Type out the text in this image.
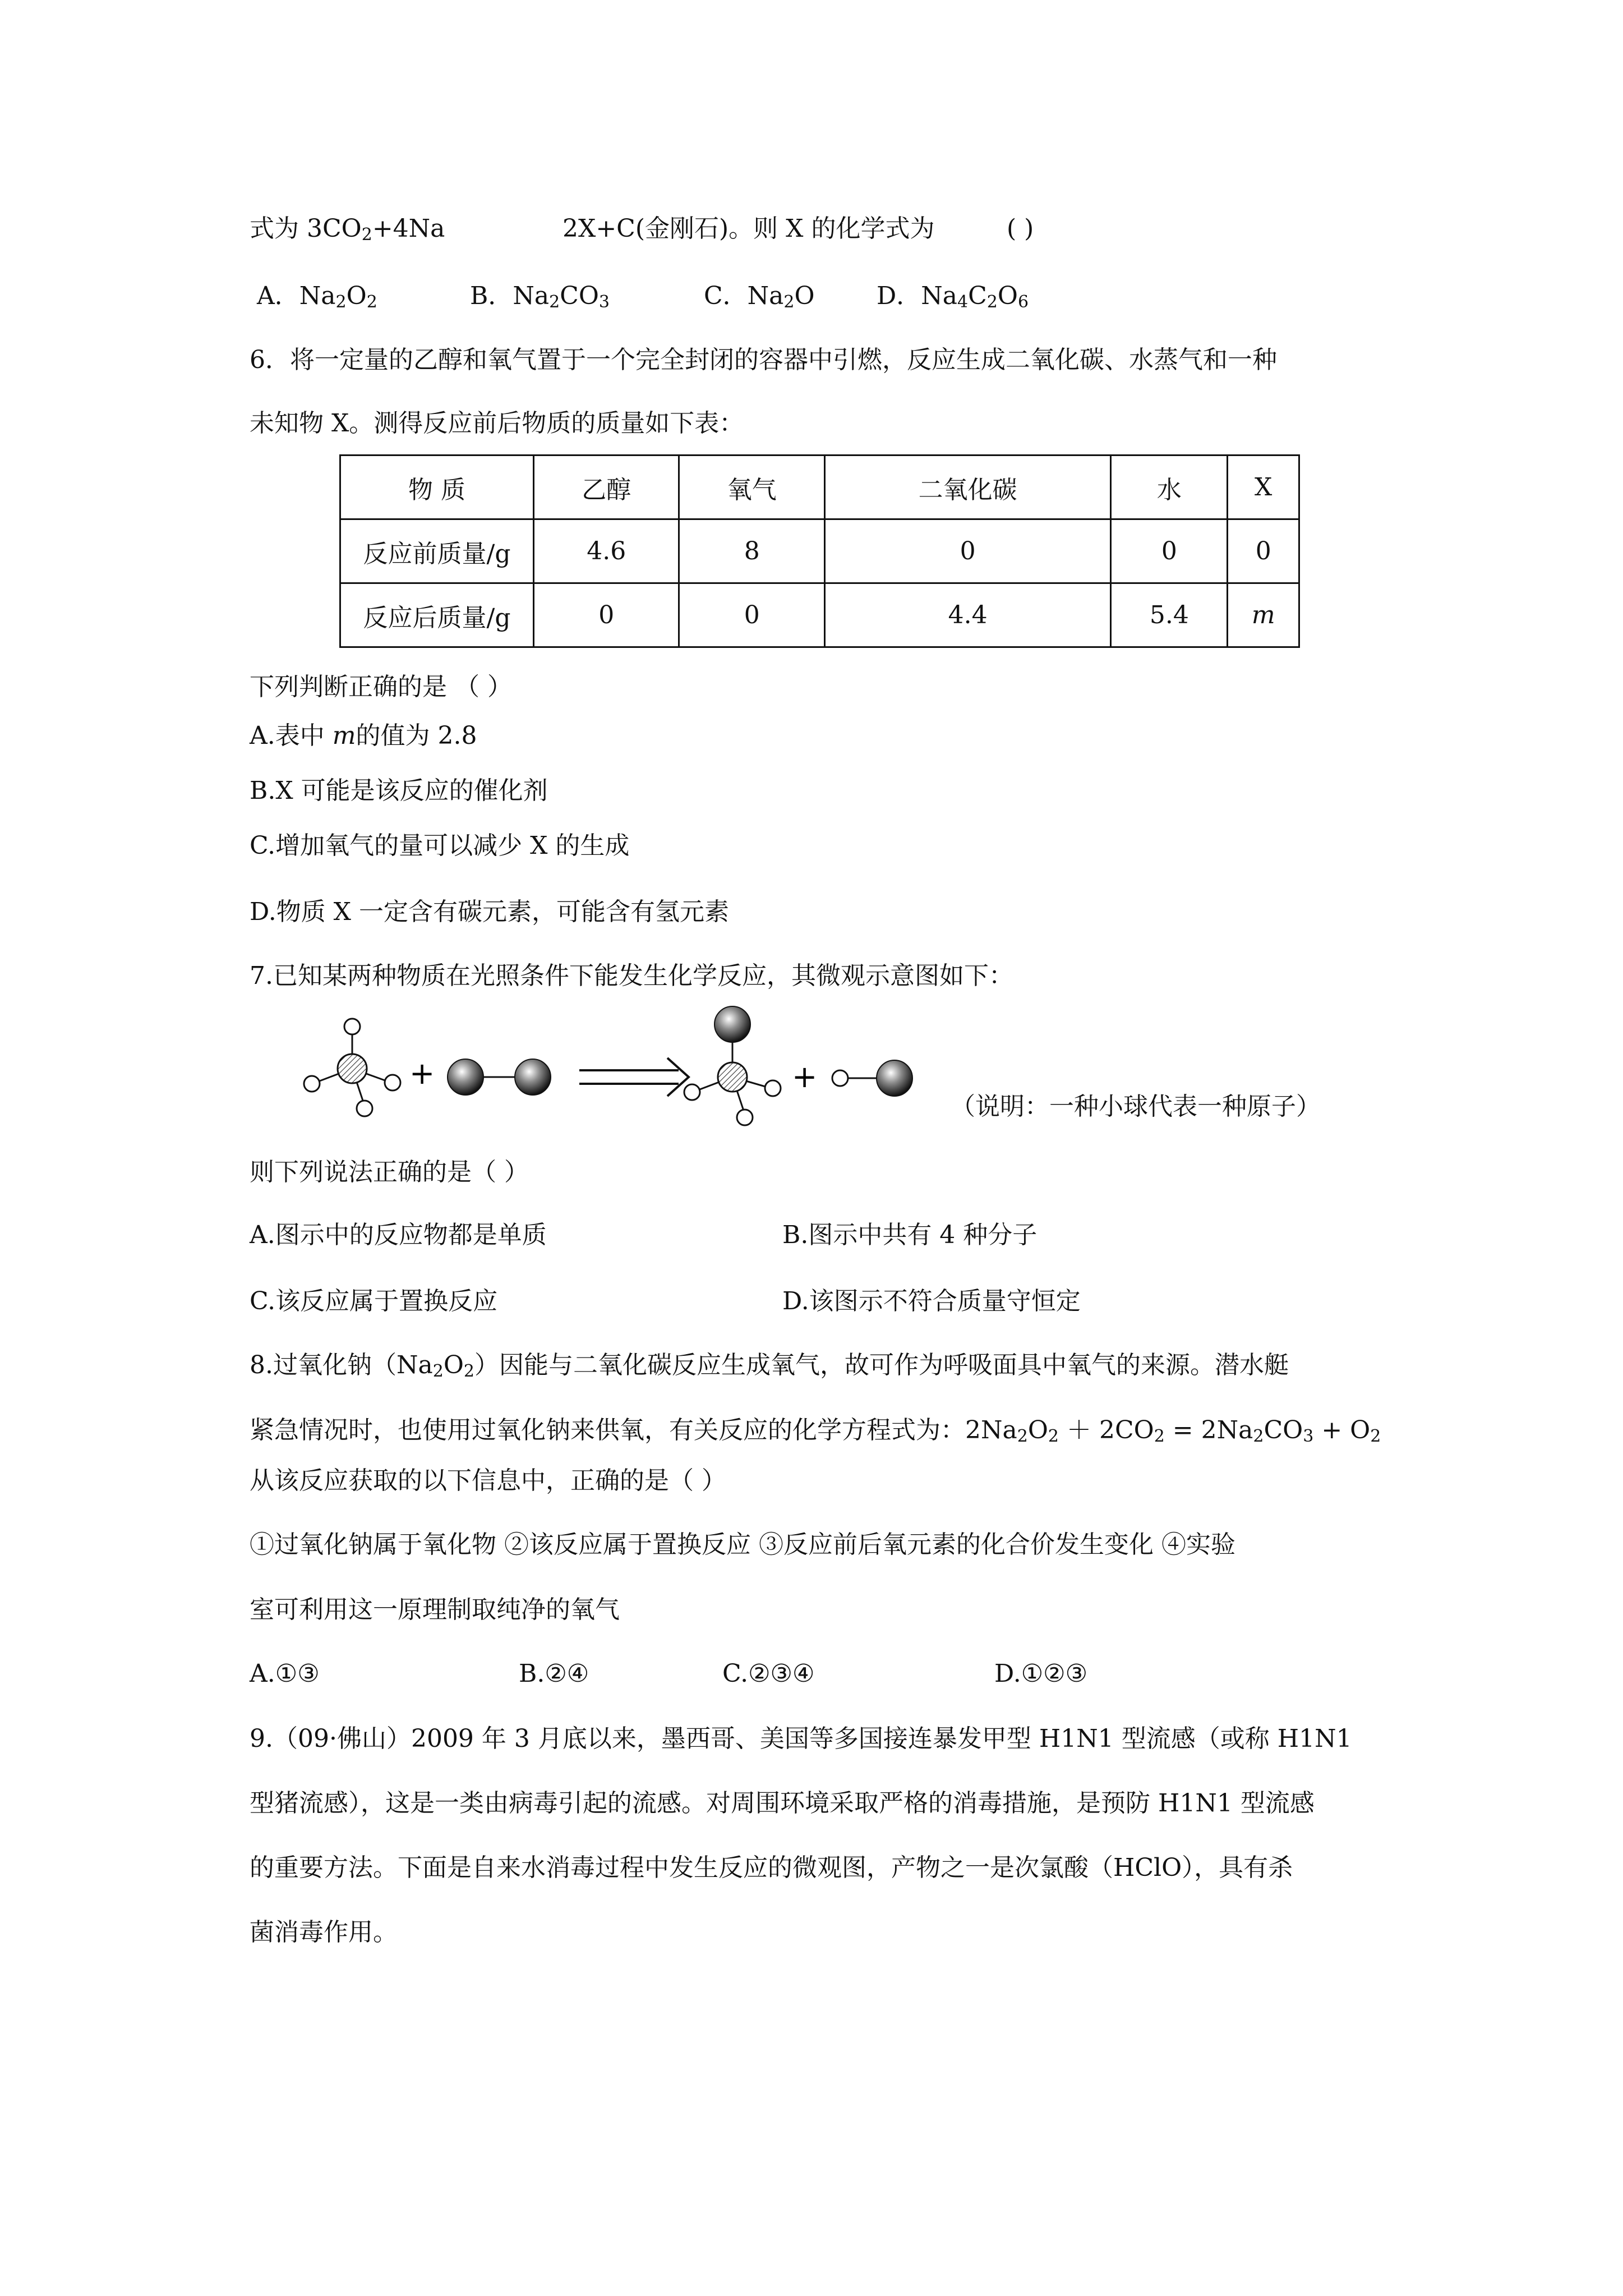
式为 $3CO_2+4Na$	2X+C(金刚石)。则 X 的化学式为	( )
A．$Na_2O_2$	B．$Na_2CO_3$	C．$Na_2O$	D．$Na_4C_2O_6$
6．将一定量的乙醇和氧气置于一个完全封闭的容器中引燃，反应生成二氧化碳、水蒸气和一种
未知物 X。测得反应前后物质的质量如下表：
物 质	乙醇	氧气	二氧化碳	水	X
反应前质量/g	4.6	8	0	0	0
反应后质量/g	0	0	4.4	5.4	m
下列判断正确的是 （ ）
A.表中 m的值为 2.8
B.X 可能是该反应的催化剂
C.增加氧气的量可以减少 X 的生成
D.物质 X 一定含有碳元素，可能含有氢元素
7.已知某两种物质在光照条件下能发生化学反应，其微观示意图如下：
+	+
（说明：一种小球代表一种原子）
则下列说法正确的是（ ）
A.图示中的反应物都是单质	B.图示中共有 4 种分子
C.该反应属于置换反应	D.该图示不符合质量守恒定
8.过氧化钠$(Na_2O_2)$因能与二氧化碳反应生成氧气，故可作为呼吸面具中氧气的来源。潜水艇
紧急情况时，也使用过氧化钠来供氧，有关反应的化学方程式为：$2Na_2O_2 + 2CO_2 = 2Na_2CO_3 + O_2$
从该反应获取的以下信息中，正确的是（ ）
①过氧化钠属于氧化物 ②该反应属于置换反应 ③反应前后氧元素的化合价发生变化 ④实验
室可利用这一原理制取纯净的氧气
A.①③	B.②④	C.②③④	D.①②③
9.（09·佛山）2009 年 3 月底以来，墨西哥、美国等多国接连暴发甲型 H1N1 型流感（或称 H1N1
型猪流感），这是一类由病毒引起的流感。对周围环境采取严格的消毒措施，是预防 H1N1 型流感
的重要方法。下面是自来水消毒过程中发生反应的微观图，产物之一是次氯酸（HClO），具有杀
菌消毒作用。
